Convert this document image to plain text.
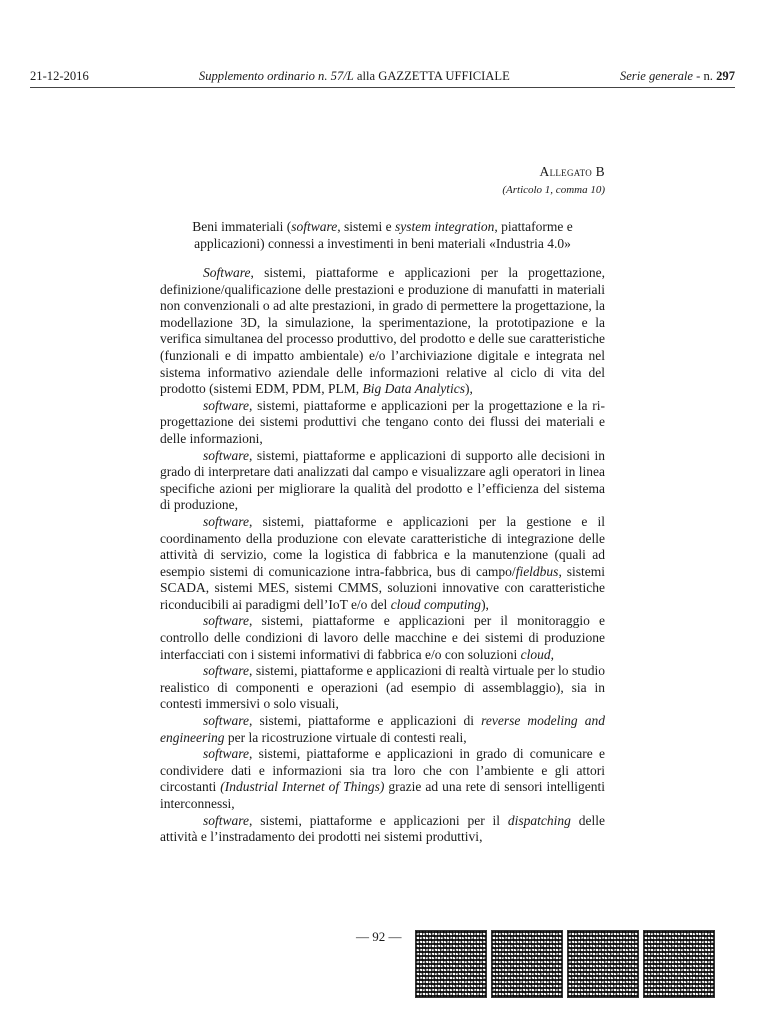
21-12-2016	Supplemento ordinario n. 57/L alla GAZZETTA UFFICIALE	Serie generale - n. 297
Allegato B
(Articolo 1, comma 10)
Beni immateriali (software, sistemi e system integration, piattaforme e applicazioni) connessi a investimenti in beni materiali «Industria 4.0»

Software, sistemi, piattaforme e applicazioni per la progettazione, definizione/qualificazione delle prestazioni e produzione di manufatti in materiali non convenzionali o ad alte prestazioni, in grado di permettere la progettazione, la modellazione 3D, la simulazione, la sperimentazione, la prototipazione e la verifica simultanea del processo produttivo, del prodotto e delle sue caratteristiche (funzionali e di impatto ambientale) e/o l’archiviazione digitale e integrata nel sistema informativo aziendale delle informazioni relative al ciclo di vita del prodotto (sistemi EDM, PDM, PLM, Big Data Analytics),

software, sistemi, piattaforme e applicazioni per la progettazione e la ri-progettazione dei sistemi produttivi che tengano conto dei flussi dei materiali e delle informazioni,

software, sistemi, piattaforme e applicazioni di supporto alle decisioni in grado di interpretare dati analizzati dal campo e visualizzare agli operatori in linea specifiche azioni per migliorare la qualità del prodotto e l’efficienza del sistema di produzione,

software, sistemi, piattaforme e applicazioni per la gestione e il coordinamento della produzione con elevate caratteristiche di integrazione delle attività di servizio, come la logistica di fabbrica e la manutenzione (quali ad esempio sistemi di comunicazione intra-fabbrica, bus di campo/fieldbus, sistemi SCADA, sistemi MES, sistemi CMMS, soluzioni innovative con caratteristiche riconducibili ai paradigmi dell’IoT e/o del cloud computing),

software, sistemi, piattaforme e applicazioni per il monitoraggio e controllo delle condizioni di lavoro delle macchine e dei sistemi di produzione interfacciati con i sistemi informativi di fabbrica e/o con soluzioni cloud,

software, sistemi, piattaforme e applicazioni di realtà virtuale per lo studio realistico di componenti e operazioni (ad esempio di assemblaggio), sia in contesti immersivi o solo visuali,

software, sistemi, piattaforme e applicazioni di reverse modeling and engineering per la ricostruzione virtuale di contesti reali,

software, sistemi, piattaforme e applicazioni in grado di comunicare e condividere dati e informazioni sia tra loro che con l’ambiente e gli attori circostanti (Industrial Internet of Things) grazie ad una rete di sensori intelligenti interconnessi,

software, sistemi, piattaforme e applicazioni per il dispatching delle attività e l’instradamento dei prodotti nei sistemi produttivi,

— 92 —
